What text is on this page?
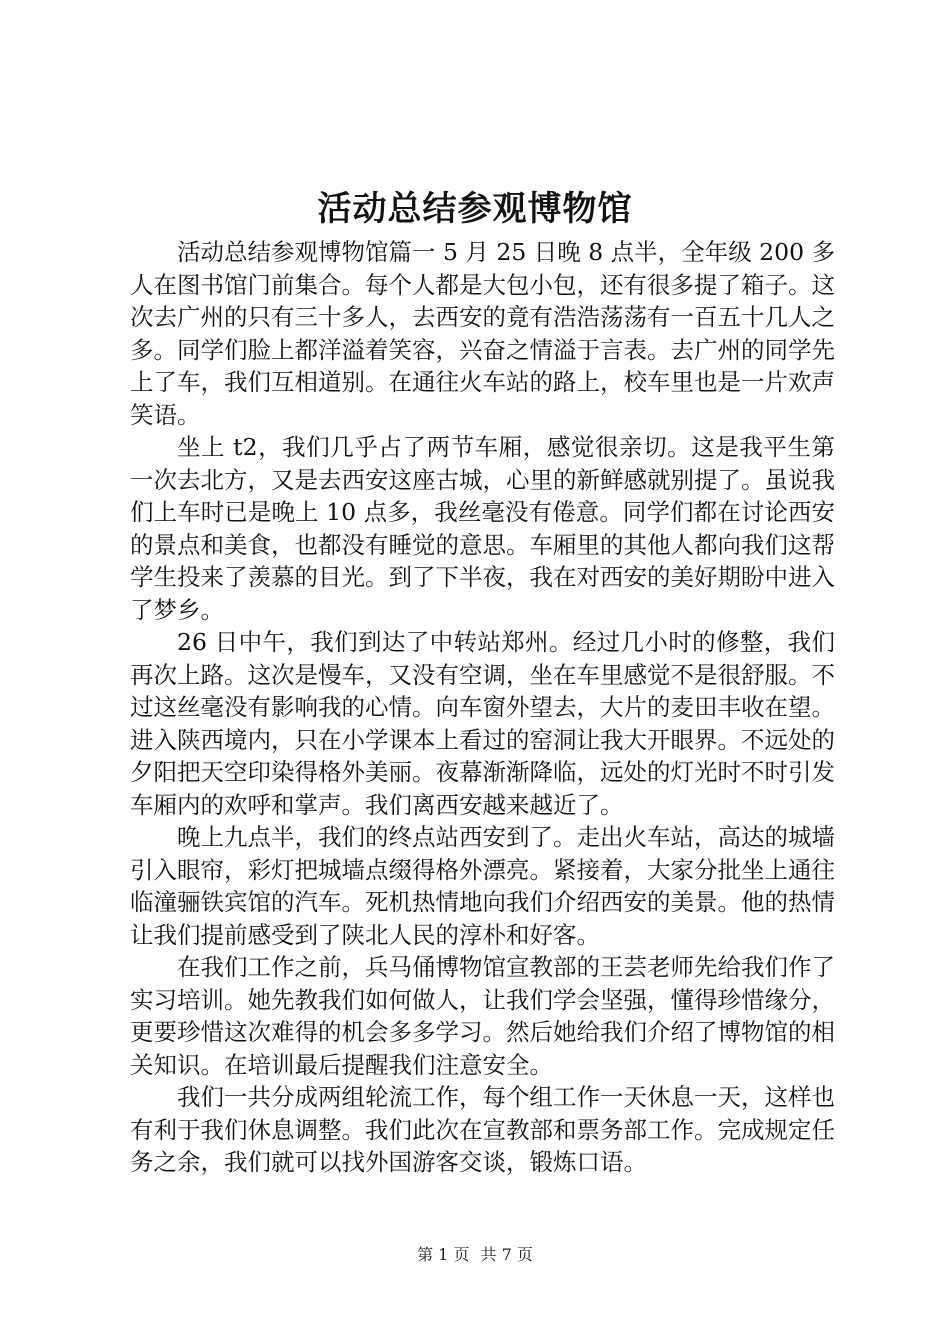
活动总结参观博物馆

活动总结参观博物馆篇一 5 月 25 日晚 8 点半，全年级 200 多人在图书馆门前集合。每个人都是大包小包，还有很多提了箱子。这次去广州的只有三十多人，去西安的竟有浩浩荡荡有一百五十几人之多。同学们脸上都洋溢着笑容，兴奋之情溢于言表。去广州的同学先上了车，我们互相道别。在通往火车站的路上，校车里也是一片欢声笑语。

坐上 t2，我们几乎占了两节车厢，感觉很亲切。这是我平生第一次去北方，又是去西安这座古城，心里的新鲜感就别提了。虽说我们上车时已是晚上 10 点多，我丝毫没有倦意。同学们都在讨论西安的景点和美食，也都没有睡觉的意思。车厢里的其他人都向我们这帮学生投来了羡慕的目光。到了下半夜，我在对西安的美好期盼中进入了梦乡。

26 日中午，我们到达了中转站郑州。经过几小时的修整，我们再次上路。这次是慢车，又没有空调，坐在车里感觉不是很舒服。不过这丝毫没有影响我的心情。向车窗外望去，大片的麦田丰收在望。进入陕西境内，只在小学课本上看过的窑洞让我大开眼界。不远处的夕阳把天空印染得格外美丽。夜幕渐渐降临，远处的灯光时不时引发车厢内的欢呼和掌声。我们离西安越来越近了。

晚上九点半，我们的终点站西安到了。走出火车站，高达的城墙引入眼帘，彩灯把城墙点缀得格外漂亮。紧接着，大家分批坐上通往临潼骊铁宾馆的汽车。死机热情地向我们介绍西安的美景。他的热情让我们提前感受到了陕北人民的淳朴和好客。

在我们工作之前，兵马俑博物馆宣教部的王芸老师先给我们作了实习培训。她先教我们如何做人，让我们学会坚强，懂得珍惜缘分，更要珍惜这次难得的机会多多学习。然后她给我们介绍了博物馆的相关知识。在培训最后提醒我们注意安全。

我们一共分成两组轮流工作，每个组工作一天休息一天，这样也有利于我们休息调整。我们此次在宣教部和票务部工作。完成规定任务之余，我们就可以找外国游客交谈，锻炼口语。

第 1 页 共 7 页
